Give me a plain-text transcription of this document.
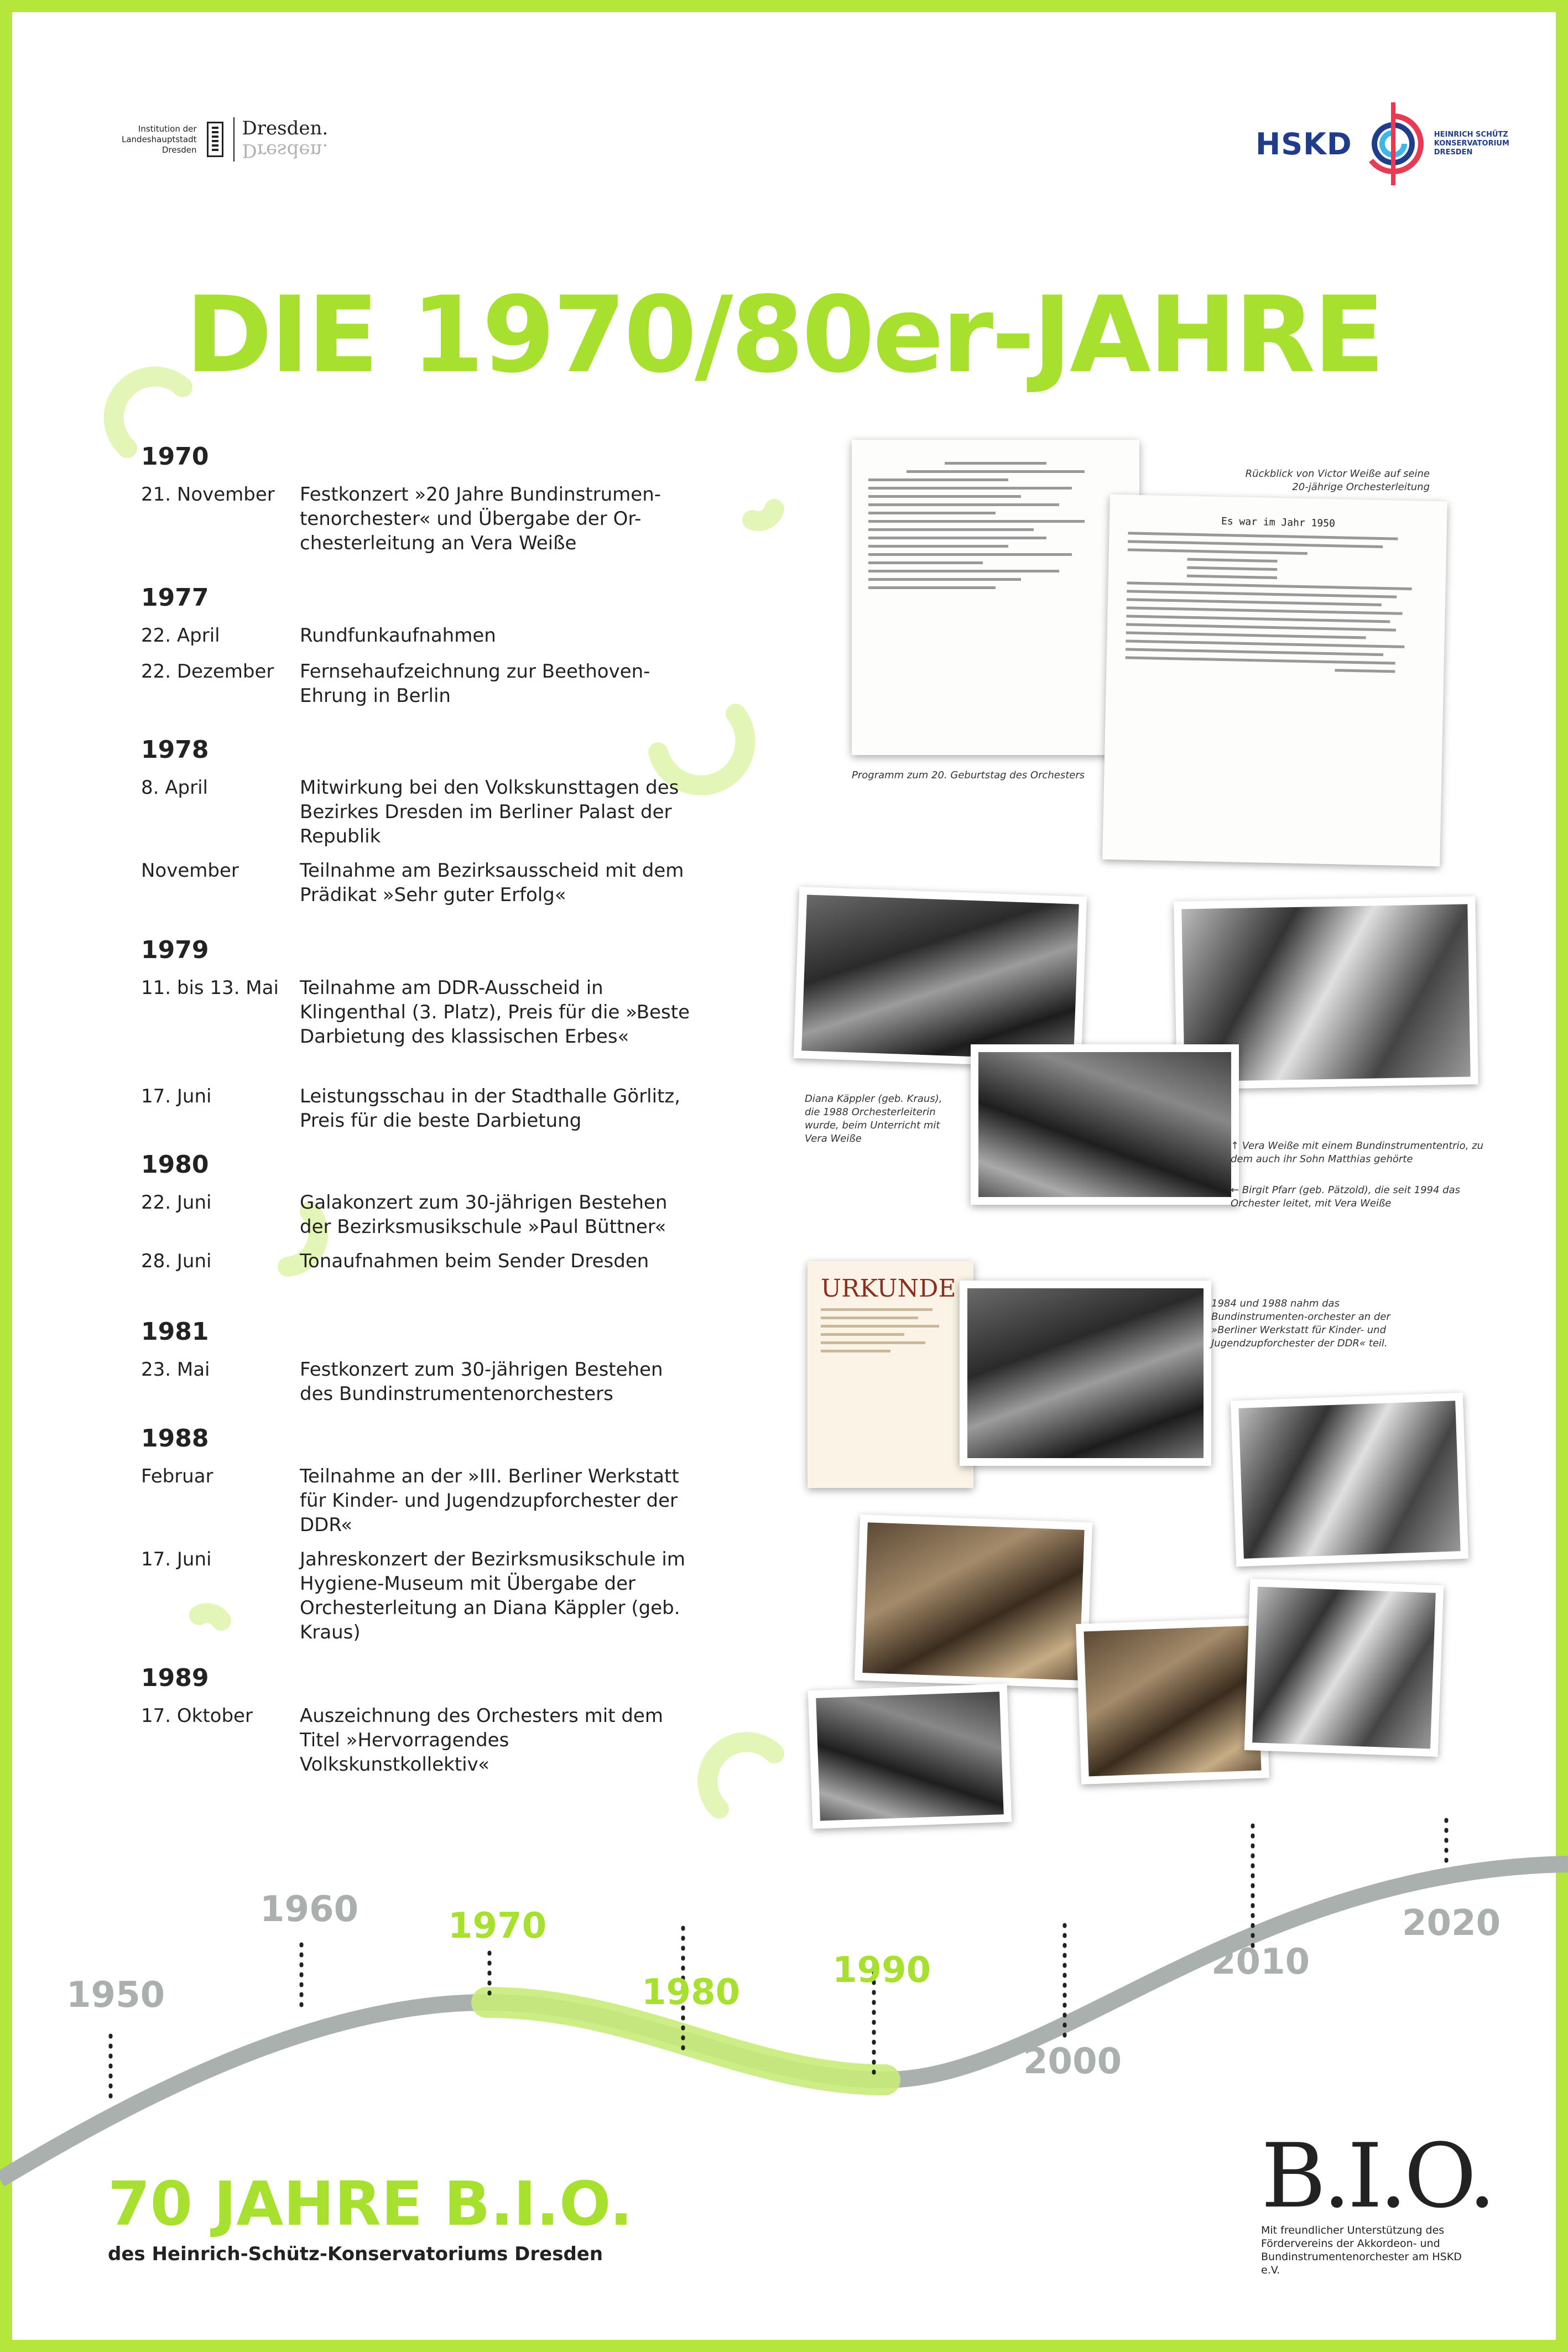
Institution der
Landeshauptstadt
Dresden
Dresden.
Dresden.	HSKD	HEINRICH SCHÜTZ
KONSERVATORIUM
DRESDEN
DIE 1970/80er-JAHRE
1970
21. November	Festkonzert »20 Jahre Bundinstrumen-tenorchester« und Übergabe der Or-chesterleitung an Vera Weiße
1977
22. April	Rundfunkaufnahmen
22. Dezember	Fernsehaufzeichnung zur Beethoven-Ehrung in Berlin
1978
8. April	Mitwirkung bei den Volkskunsttagen des Bezirkes Dresden im Berliner Palast der Republik
November	Teilnahme am Bezirksausscheid mit dem Prädikat »Sehr guter Erfolg«
1979
11. bis 13. Mai	Teilnahme am DDR-Ausscheid in Klingenthal (3. Platz), Preis für die »Beste Darbietung des klassischen Erbes«
17. Juni	Leistungsschau in der Stadthalle Görlitz, Preis für die beste Darbietung
1980
22. Juni	Galakonzert zum 30-jährigen Bestehen der Bezirksmusikschule »Paul Büttner«
28. Juni	Tonaufnahmen beim Sender Dresden
1981
23. Mai	Festkonzert zum 30-jährigen Bestehen des Bundinstrumentenorchesters
1988
Februar	Teilnahme an der »III. Berliner Werkstatt für Kinder- und Jugendzupforchester der DDR«
17. Juni	Jahreskonzert der Bezirksmusikschule im Hygiene-Museum mit Übergabe der Orchesterleitung an Diana Käppler (geb. Kraus)
1989
17. Oktober	Auszeichnung des Orchesters mit dem Titel »Hervorragendes Volkskunstkollektiv«
Programm zum 20. Geburtstag des Orchesters
Rückblick von Victor Weiße auf seine 20-jährige Orchesterleitung
Es war im Jahr 1950
Diana Käppler (geb. Kraus), die 1988 Orchesterleiterin wurde, beim Unterricht mit Vera Weiße
↑ Vera Weiße mit einem Bundinstrumententrio, zu dem auch ihr Sohn Matthias gehörte
← Birgit Pfarr (geb. Pätzold), die seit 1994 das Orchester leitet, mit Vera Weiße
URKUNDE
1984 und 1988 nahm das Bundinstrumenten-orchester an der »Berliner Werkstatt für Kinder- und Jugendzupforchester der DDR« teil.
1950
1960	1970
1980
1990
2000
2010
2020
70 JAHRE B.I.O.
des Heinrich-Schütz-Konservatoriums Dresden
B.I.O.
Mit freundlicher Unterstützung des Fördervereins der Akkordeon- und Bundinstrumentenorchester am HSKD e.V.
